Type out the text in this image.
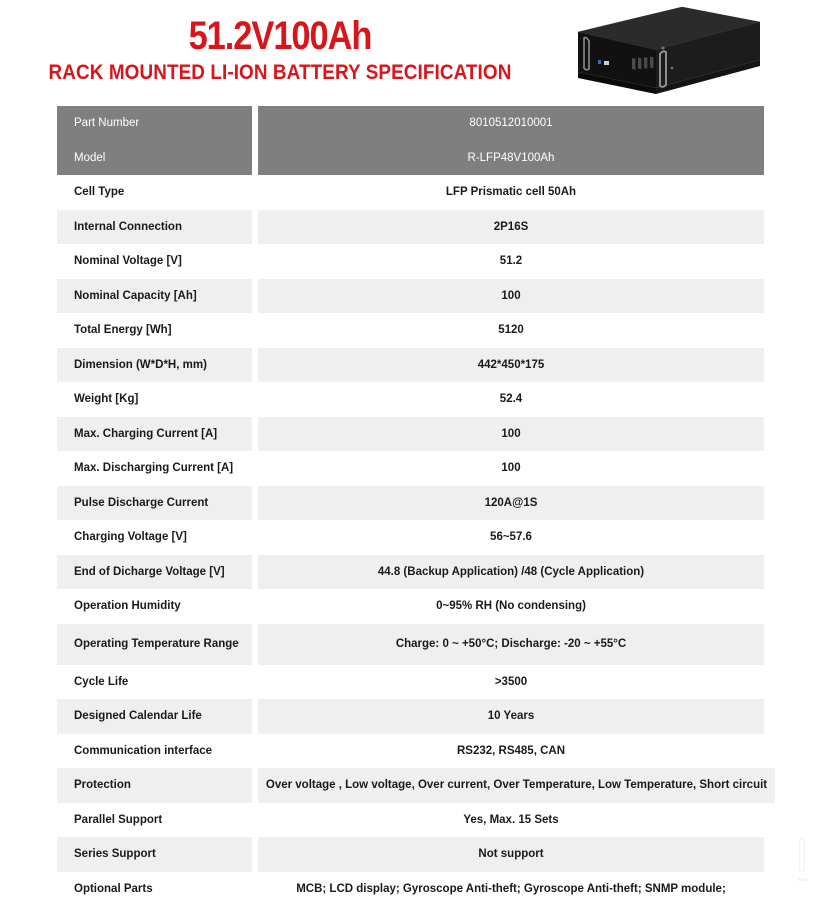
51.2V100Ah
RACK MOUNTED LI-ION BATTERY SPECIFICATION
Part Number	8010512010001
Model	R-LFP48V100Ah
Cell Type	LFP Prismatic cell 50Ah
Internal Connection	2P16S
Nominal Voltage [V]	51.2
Nominal Capacity [Ah]	100
Total Energy [Wh]	5120
Dimension (W*D*H, mm)	442*450*175
Weight [Kg]	52.4
Max. Charging Current [A]	100
Max. Discharging Current [A]	100
Pulse Discharge Current	120A@1S
Charging Voltage [V]	56~57.6
End of Dicharge Voltage [V]	44.8 (Backup Application) /48 (Cycle Application)
Operation Humidity	0~95% RH (No condensing)
Operating Temperature Range	Charge: 0 ~ +50°C; Discharge: -20 ~ +55°C
Cycle Life	>3500
Designed Calendar Life	10 Years
Communication interface	RS232, RS485, CAN
Protection	Over voltage , Low voltage, Over current, Over Temperature, Low Temperature, Short circuit
Parallel Support	Yes, Max. 15 Sets
Series Support	Not support
Optional Parts	MCB; LCD display; Gyroscope Anti-theft; Gyroscope Anti-theft; SNMP module;
